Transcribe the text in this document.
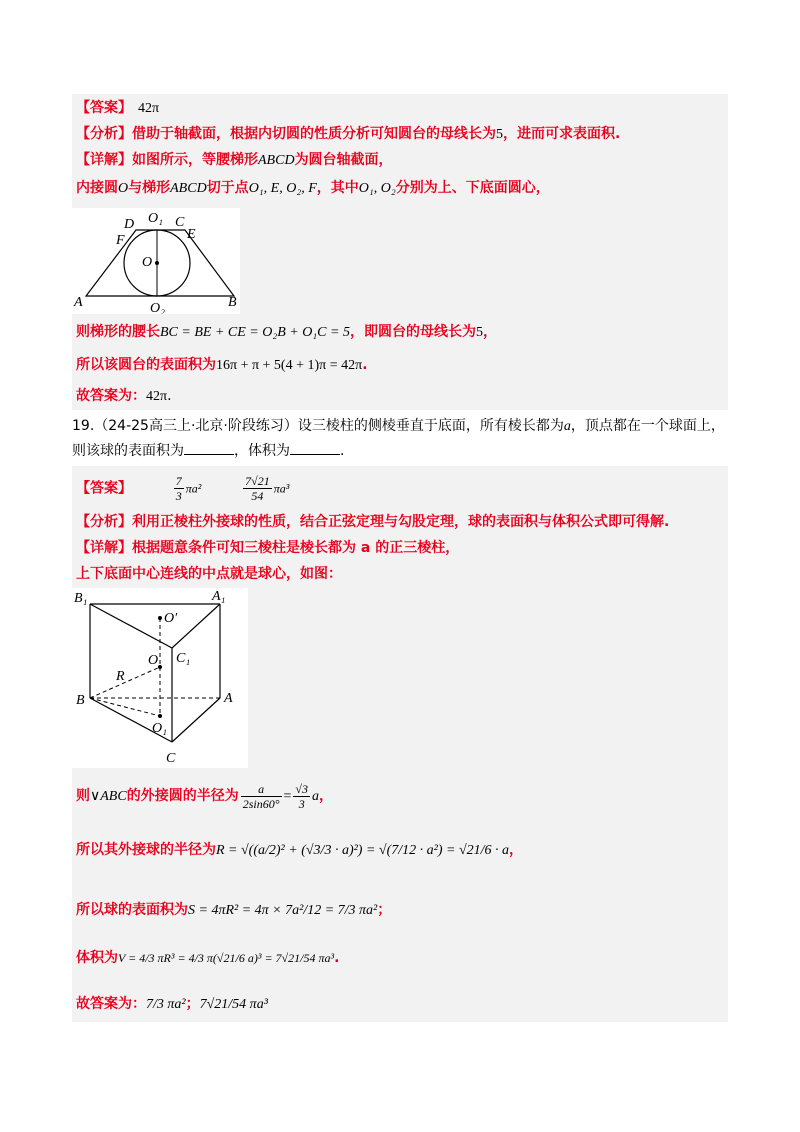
【答案】 42π
【分析】借助于轴截面，根据内切圆的性质分析可知圆台的母线长为5，进而可求表面积.
【详解】如图所示，等腰梯形ABCD为圆台轴截面，
内接圆O与梯形ABCD切于点O₁, E, O₂, F，其中O₁, O₂分别为上、下底面圆心，
D O₁ C
F	E
O
A	O₂	B
则梯形的腰长BC = BE + CE = O₂B + O₁C = 5，即圆台的母线长为5，
所以该圆台的表面积为16π + π + 5(4 + 1)π = 42π.
故答案为：42π.
19.（24-25高三上·北京·阶段练习）设三棱柱的侧棱垂直于底面，所有棱长都为a，顶点都在一个球面上，
则该球的表面积为	，体积为	.
【答案】	$\frac{7}{3} \pi a^2$	$\frac{7√21}{54} \pi a^3$
【分析】利用正棱柱外接球的性质，结合正弦定理与勾股定理，球的表面积与体积公式即可得解.
【详解】根据题意条件可知三棱柱是棱长都为 a 的正三棱柱，
上下底面中心连线的中点就是球心，如图：
B₁	A₁
O′
C₁
O
R
B	A
O₁
C
则∨ABC的外接圆的半径为 $\frac{a}{2\sin 60^\circ} = \frac{√3}{3}$ a，
所以其外接球的半径为R = √((a/2)² + (√3/3 · a)²) = √(7/12 · a²) = √21/6 · a，
所以球的表面积为S = 4πR² = 4π × 7a²/12 = 7/3 πa²；
体积为V = 4/3 πR³ = 4/3 π(√21/6 a)³ = 7√21/54 πa³.
故答案为：7/3 πa²；7√21/54 πa³
